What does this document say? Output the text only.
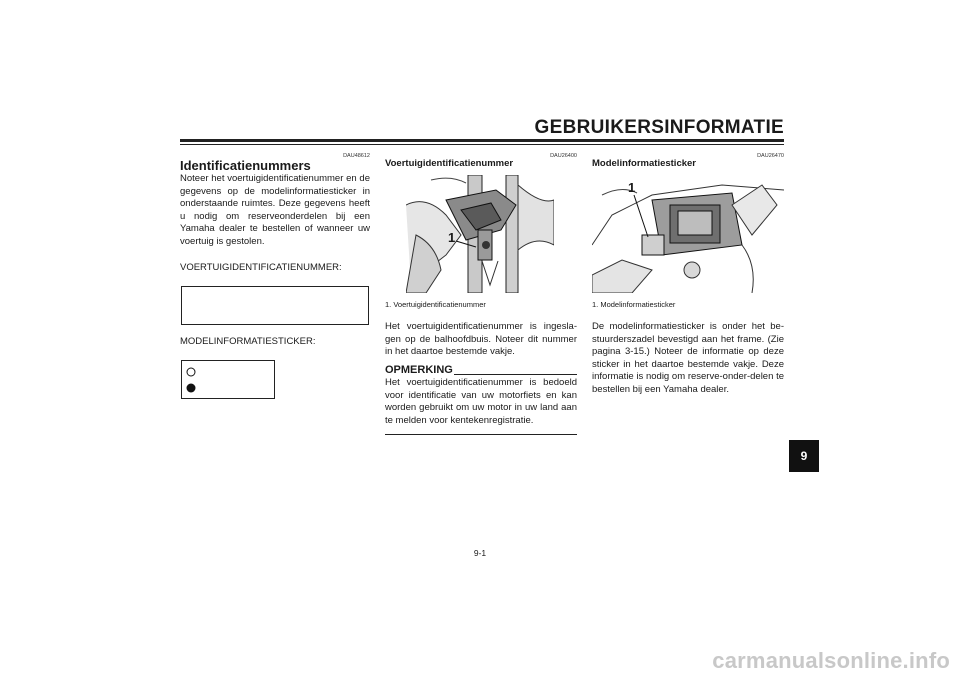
GEBRUIKERSINFORMATIE
DAU48612
Identificatienummers
Noteer het voertuigidentificatienummer en de gegevens op de modelinformatiesticker in onderstaande ruimtes. Deze gegevens heeft u nodig om reserveonderdelen bij een Yamaha dealer te bestellen of wanneer uw voertuig is gestolen.
VOERTUIGIDENTIFICATIENUMMER:
MODELINFORMATIESTICKER:
DAU26400
Voertuigidentificatienummer
1
1. Voertuigidentificatienummer
Het voertuigidentificatienummer is ingesla-gen op de balhoofdbuis. Noteer dit nummer in het daartoe bestemde vakje.
OPMERKING
Het voertuigidentificatienummer is bedoeld voor identificatie van uw motorfiets en kan worden gebruikt om uw motor in uw land aan te melden voor kentekenregistratie.
DAU26470
Modelinformatiesticker
1
1. Modelinformatiesticker
De modelinformatiesticker is onder het be-stuurderszadel bevestigd aan het frame. (Zie pagina 3-15.) Noteer de informatie op deze sticker in het daartoe bestemde vakje. Deze informatie is nodig om reserve-onder-delen te bestellen bij een Yamaha dealer.
9
9-1
carmanualsonline.info
